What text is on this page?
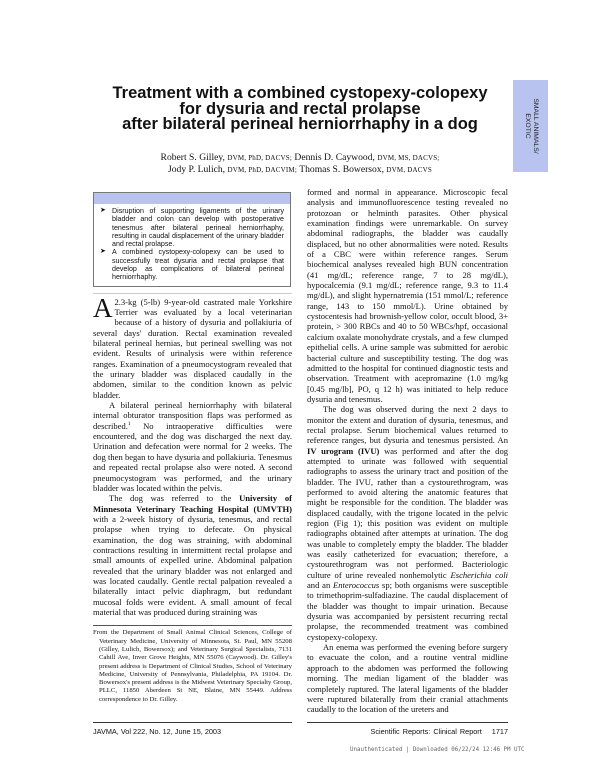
Treatment with a combined cystopexy-colopexy
for dysuria and rectal prolapse
after bilateral perineal herniorrhaphy in a dog	SMALL ANIMALS/
EXOTIC
Robert S. Gilley, DVM, PhD, DACVS; Dennis D. Caywood, DVM, MS, DACVS;
Jody P. Lulich, DVM, PhD, DACVIM; Thomas S. Bowersox, DVM, DACVS
➤ Disruption of supporting ligaments of the urinary bladder and colon can develop with postoperative tenesmus after bilateral perineal herniorrhaphy, resulting in caudal displacement of the urinary bladder and rectal prolapse.
➤ A combined cystopexy-colopexy can be used to successfully treat dysuria and rectal prolapse that develop as complications of bilateral perineal herniorrhaphy.

A 2.3-kg (5-lb) 9-year-old castrated male Yorkshire Terrier was evaluated by a local veterinarian because of a history of dysuria and pollakiuria of several days' duration. Rectal examination revealed bilateral perineal hernias, but perineal swelling was not evident. Results of urinalysis were within reference ranges. Examination of a pneumocystogram revealed that the urinary bladder was displaced caudally in the abdomen, similar to the condition known as pelvic bladder.

A bilateral perineal herniorrhaphy with bilateral internal obturator transposition flaps was performed as described.$^1$ No intraoperative difficulties were encountered, and the dog was discharged the next day. Urination and defecation were normal for 2 weeks. The dog then began to have dysuria and pollakiuria. Tenesmus and repeated rectal prolapse also were noted. A second pneumocystogram was performed, and the urinary bladder was located within the pelvis.

The dog was referred to the University of Minnesota Veterinary Teaching Hospital (UMVTH) with a 2-week history of dysuria, tenesmus, and rectal prolapse when trying to defecate. On physical examination, the dog was straining, with abdominal contractions resulting in intermittent rectal prolapse and small amounts of expelled urine. Abdominal palpation revealed that the urinary bladder was not enlarged and was located caudally. Gentle rectal palpation revealed a bilaterally intact pelvic diaphragm, but redundant mucosal folds were evident. A small amount of fecal material that was produced during straining was

From the Department of Small Animal Clinical Sciences, College of Veterinary Medicine, University of Minnesota, St. Paul, MN 55208 (Gilley, Lulich, Bowersox); and Veterinary Surgical Specialists, 7131 Cahill Ave, Inver Grove Heights, MN 55076 (Caywood). Dr. Gilley's present address is Department of Clinical Studies, School of Veterinary Medicine, University of Pennsylvania, Philadelphia, PA 19104. Dr. Bowersox's present address is the Midwest Veterinary Specialty Group, PLLC, 11850 Aberdeen St NE, Blaine, MN 55449. Address correspondence to Dr. Gilley.

JAVMA, Vol 222, No. 12, June 15, 2003

formed and normal in appearance. Microscopic fecal analysis and immunofluorescence testing revealed no protozoan or helminth parasites. Other physical examination findings were unremarkable. On survey abdominal radiographs, the bladder was caudally displaced, but no other abnormalities were noted. Results of a CBC were within reference ranges. Serum biochemical analyses revealed high BUN concentration (41 mg/dL; reference range, 7 to 28 mg/dL), hypocalcemia (9.1 mg/dL; reference range, 9.3 to 11.4 mg/dL), and slight hypernatremia (151 mmol/L; reference range, 143 to 150 mmol/L). Urine obtained by cystocentesis had brownish-yellow color, occult blood, 3+ protein, > 300 RBCs and 40 to 50 WBCs/hpf, occasional calcium oxalate monohydrate crystals, and a few clumped epithelial cells. A urine sample was submitted for aerobic bacterial culture and susceptibility testing. The dog was admitted to the hospital for continued diagnostic tests and observation. Treatment with acepromazine (1.0 mg/kg [0.45 mg/lb], PO, q 12 h) was initiated to help reduce dysuria and tenesmus.

The dog was observed during the next 2 days to monitor the extent and duration of dysuria, tenesmus, and rectal prolapse. Serum biochemical values returned to reference ranges, but dysuria and tenesmus persisted. An IV urogram (IVU) was performed and after the dog attempted to urinate was followed with sequential radiographs to assess the urinary tract and position of the bladder. The IVU, rather than a cystourethrogram, was performed to avoid altering the anatomic features that might be responsible for the condition. The bladder was displaced caudally, with the trigone located in the pelvic region (Fig 1); this position was evident on multiple radiographs obtained after attempts at urination. The dog was unable to completely empty the bladder. The bladder was easily catheterized for evacuation; therefore, a cystourethrogram was not performed. Bacteriologic culture of urine revealed nonhemolytic Escherichia coli and an Enterococcus sp; both organisms were susceptible to trimethoprim-sulfadiazine. The caudal displacement of the bladder was thought to impair urination. Because dysuria was accompanied by persistent recurring rectal prolapse, the recommended treatment was combined cystopexy-colopexy.

An enema was performed the evening before surgery to evacuate the colon, and a routine ventral midline approach to the abdomen was performed the following morning. The median ligament of the bladder was completely ruptured. The lateral ligaments of the bladder were ruptured bilaterally from their cranial attachments caudally to the location of the ureters and

Scientific Reports: Clinical Report 1717
Unauthenticated | Downloaded 06/22/24 12:46 PM UTC
